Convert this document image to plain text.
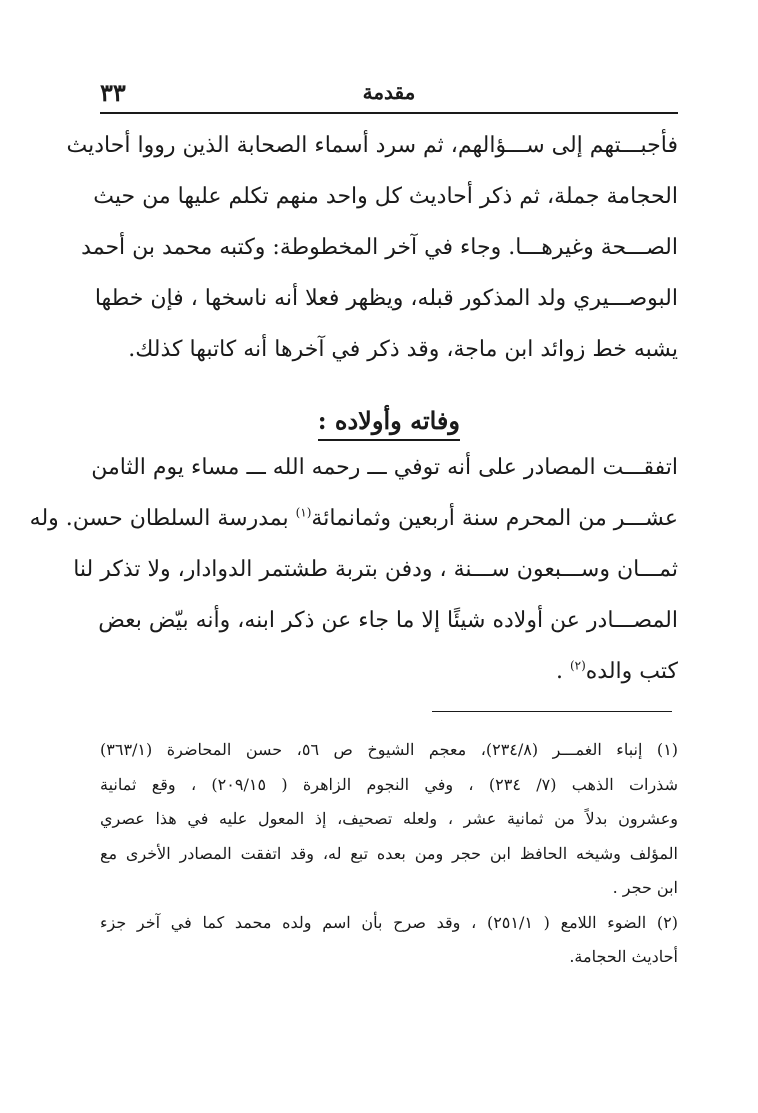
مقدمة
٣٣
فأجبـــتهم إلى ســـؤالهم، ثم سرد أسماء الصحابة الذين رووا أحاديث
الحجامة جملة، ثم ذكر أحاديث كل واحد منهم تكلم عليها من حيث
الصـــحة وغيرهـــا. وجاء في آخر المخطوطة: وكتبه محمد بن أحمد
البوصـــيري ولد المذكور قبله، ويظهر فعلا أنه ناسخها ، فإن خطها
يشبه خط زوائد ابن ماجة، وقد ذكر في آخرها أنه كاتبها كذلك.
وفاته وأولاده :
اتفقـــت المصادر على أنه توفي ـــ رحمه الله ـــ مساء يوم الثامن
عشـــر من المحرم سنة أربعين وثمانمائة$^{(١)}$ بمدرسة السلطان حسن. وله
ثمـــان وســـبعون ســـنة ، ودفن بتربة طشتمر الدوادار، ولا تذكر لنا
المصـــادر عن أولاده شيئًا إلا ما جاء عن ذكر ابنه، وأنه بيّض بعض
كتب والده$^{(٢)}$ .
(١) إنباء الغمـــر (٢٣٤/٨)، معجم الشيوخ ص ٥٦، حسن المحاضرة (٣٦٣/١)
شذرات الذهب (٧/ ٢٣٤) ، وفي النجوم الزاهرة ( ٢٠٩/١٥) ، وقع ثمانية
وعشرون بدلاً من ثمانية عشر ، ولعله تصحيف، إذ المعول عليه في هذا عصري
المؤلف وشيخه الحافظ ابن حجر ومن بعده تبع له، وقد اتفقت المصادر الأخرى مع
ابن حجر .
(٢) الضوء اللامع ( ٢٥١/١) ، وقد صرح بأن اسم ولده محمد كما في آخر جزء
أحاديث الحجامة.
